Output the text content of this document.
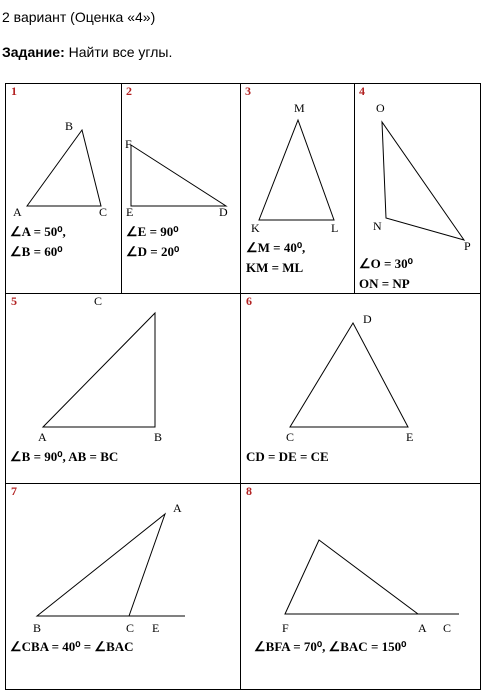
2 вариант (Оценка «4»)
Задание: Найти все углы.
1	2	3	4
5	6
7	8
A
B
C
F
E	D
M
K	L
O
N
P
A	B
C
D
C	E
A
B	C E	F	A C
∠A = 50⁰,
∠B = 60⁰
∠E = 90⁰
∠D = 20⁰	∠M = 40⁰,
KM = ML	∠O = 30⁰
ON = NP
∠B = 90⁰, AB = BC	CD = DE = CE
∠CBA = 40⁰ = ∠BAC	∠BFA = 70⁰, ∠BAC = 150⁰
